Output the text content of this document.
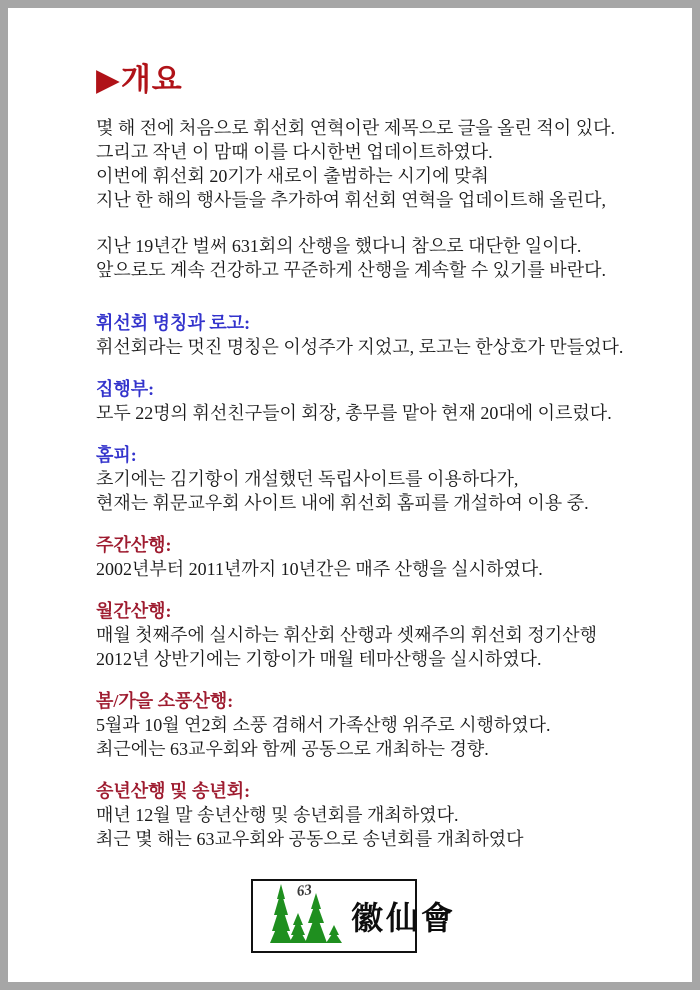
▶개요
몇 해 전에 처음으로 휘선회 연혁이란 제목으로 글을 올린 적이 있다.
그리고 작년 이 맘때 이를 다시한번 업데이트하였다.
이번에 휘선회 20기가 새로이 출범하는 시기에 맞춰
지난 한 해의 행사들을 추가하여 휘선회 연혁을 업데이트해 올린다,
지난 19년간 벌써 631회의 산행을 했다니 참으로 대단한 일이다.
앞으로도 계속 건강하고 꾸준하게 산행을 계속할 수 있기를 바란다.
휘선회 명칭과 로고:
휘선회라는 멋진 명칭은 이성주가 지었고, 로고는 한상호가 만들었다.
집행부:
모두 22명의 휘선친구들이 회장, 총무를 맡아 현재 20대에 이르렀다.
홈피:
초기에는 김기항이 개설했던 독립사이트를 이용하다가,
현재는 휘문교우회 사이트 내에 휘선회 홈피를 개설하여 이용 중.
주간산행:
2002년부터 2011년까지 10년간은 매주 산행을 실시하였다.
월간산행:
매월 첫째주에 실시하는 휘산회 산행과 셋째주의 휘선회 정기산행
2012년 상반기에는 기항이가 매월 테마산행을 실시하였다.
봄/가을 소풍산행:
5월과 10월 연2회 소풍 겸해서 가족산행 위주로 시행하였다.
최근에는 63교우회와 함께 공동으로 개최하는 경향.
송년산행 및 송년회:
매년 12월 말 송년산행 및 송년회를 개최하였다.
최근 몇 해는 63교우회와 공동으로 송년회를 개최하였다
63
徽仙會
